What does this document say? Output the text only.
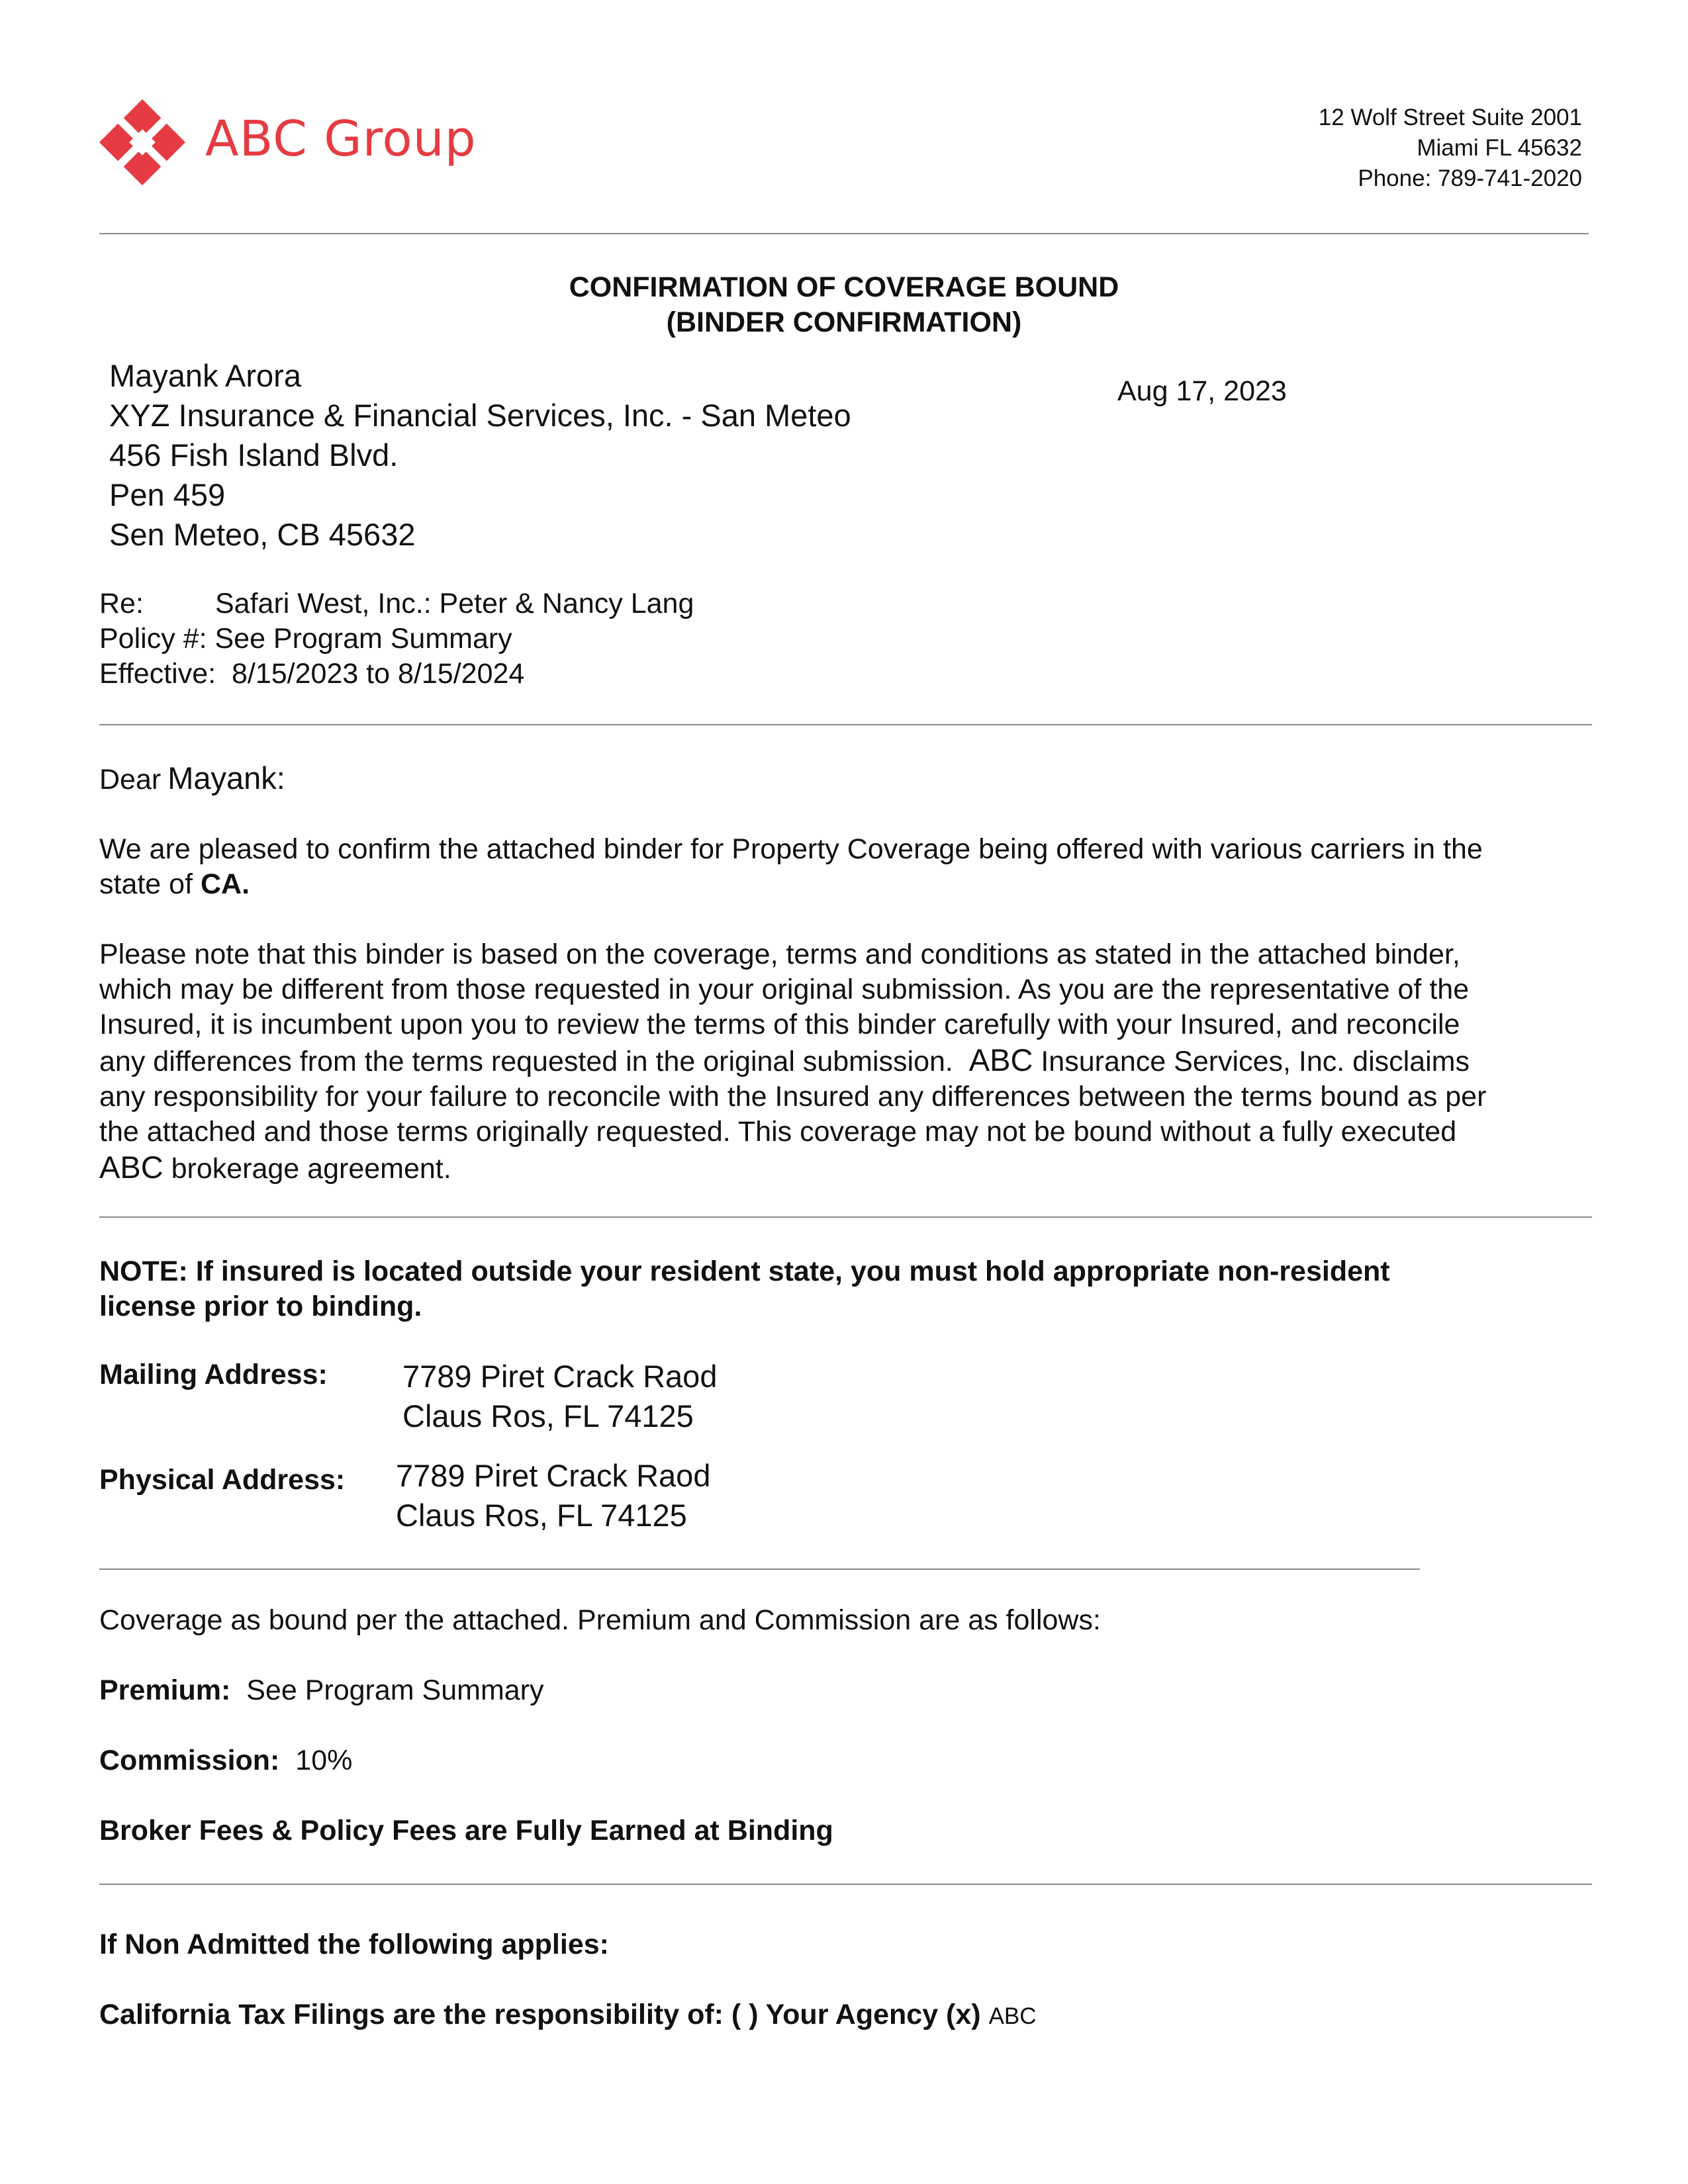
ABC Group	12 Wolf Street Suite 2001
Miami FL 45632
Phone: 789-741-2020
CONFIRMATION OF COVERAGE BOUND
(BINDER CONFIRMATION)
Mayank Arora
XYZ Insurance & Financial Services, Inc. - San Meteo
456 Fish Island Blvd.
Pen 459
Sen Meteo, CB 45632
Aug 17, 2023
Re:	Safari West, Inc.: Peter & Nancy Lang
Policy #: See Program Summary
Effective: 8/15/2023 to 8/15/2024
Dear Mayank:
We are pleased to confirm the attached binder for Property Coverage being offered with various carriers in the
state of CA.
Please note that this binder is based on the coverage, terms and conditions as stated in the attached binder,
which may be different from those requested in your original submission. As you are the representative of the
Insured, it is incumbent upon you to review the terms of this binder carefully with your Insured, and reconcile
any differences from the terms requested in the original submission. ABC Insurance Services, Inc. disclaims
any responsibility for your failure to reconcile with the Insured any differences between the terms bound as per
the attached and those terms originally requested. This coverage may not be bound without a fully executed
ABC brokerage agreement.
NOTE: If insured is located outside your resident state, you must hold appropriate non-resident
license prior to binding.
Mailing Address: 7789 Piret Crack Raod
Claus Ros, FL 74125
Physical Address: 7789 Piret Crack Raod
Claus Ros, FL 74125
Coverage as bound per the attached. Premium and Commission are as follows:
Premium: See Program Summary
Commission: 10%
Broker Fees & Policy Fees are Fully Earned at Binding
If Non Admitted the following applies:
California Tax Filings are the responsibility of: ( ) Your Agency (x) ABC
